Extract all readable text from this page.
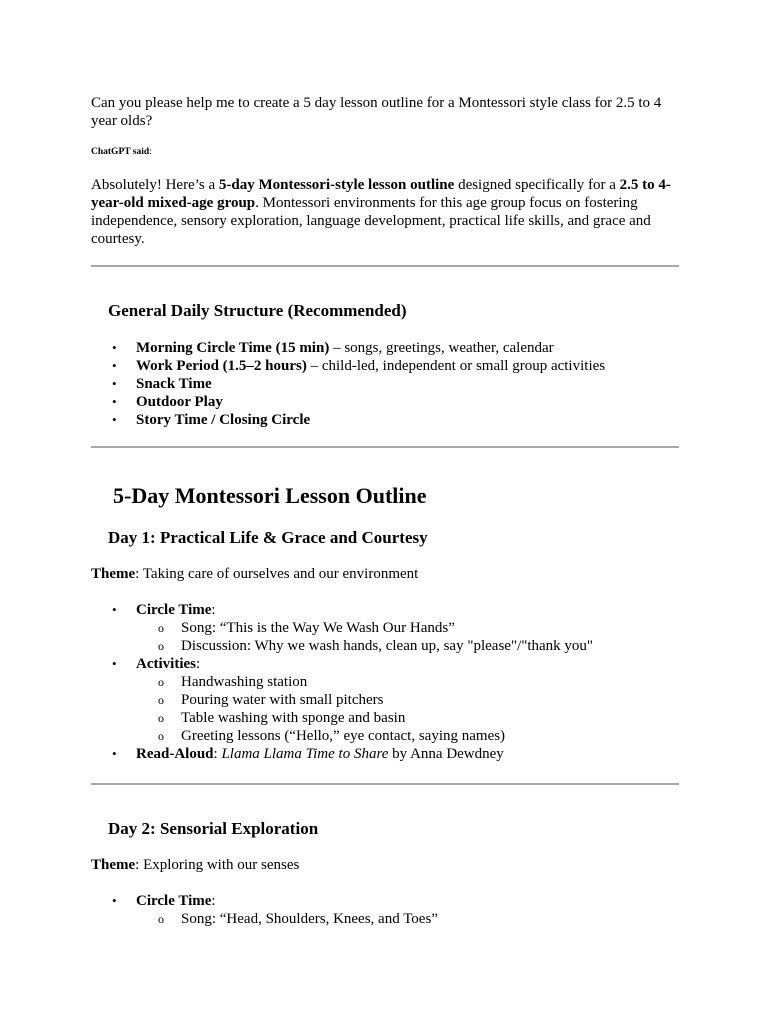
Can you please help me to create a 5 day lesson outline for a Montessori style class for 2.5 to 4
year olds?

ChatGPT said:

Absolutely! Here’s a 5-day Montessori-style lesson outline designed specifically for a 2.5 to 4-
year-old mixed-age group. Montessori environments for this age group focus on fostering
independence, sensory exploration, language development, practical life skills, and grace and
courtesy.

General Daily Structure (Recommended)
• Morning Circle Time (15 min) – songs, greetings, weather, calendar
• Work Period (1.5–2 hours) – child-led, independent or small group activities
• Snack Time
• Outdoor Play
• Story Time / Closing Circle
5-Day Montessori Lesson Outline
Day 1: Practical Life & Grace and Courtesy

Theme: Taking care of ourselves and our environment

• Circle Time:
o Song: “This is the Way We Wash Our Hands”
o Discussion: Why we wash hands, clean up, say "please"/"thank you"
• Activities:
o Handwashing station
o Pouring water with small pitchers
o Table washing with sponge and basin
o Greeting lessons (“Hello,” eye contact, saying names)
• Read-Aloud: Llama Llama Time to Share by Anna Dewdney
Day 2: Sensorial Exploration

Theme: Exploring with our senses

• Circle Time:
o Song: “Head, Shoulders, Knees, and Toes”
